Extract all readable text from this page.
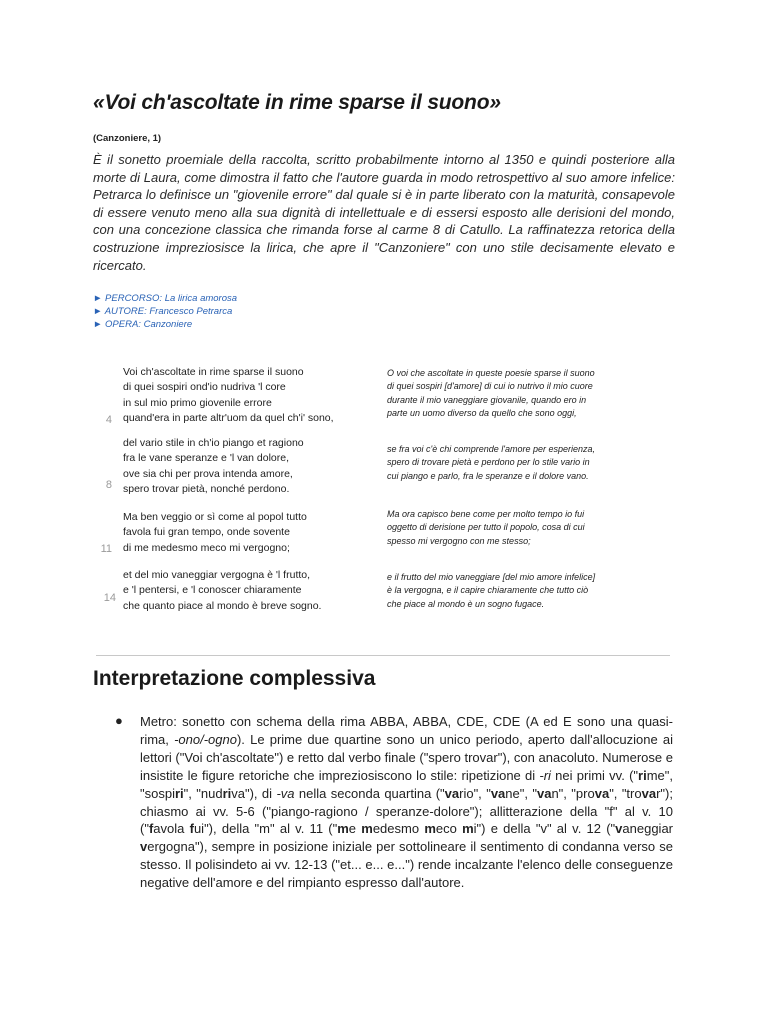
«Voi ch'ascoltate in rime sparse il suono»
(Canzoniere, 1)

È il sonetto proemiale della raccolta, scritto probabilmente intorno al 1350 e quindi posteriore alla morte di Laura, come dimostra il fatto che l'autore guarda in modo retrospettivo al suo amore infelice: Petrarca lo definisce un "giovenile errore" dal quale si è in parte liberato con la maturità, consapevole di essere venuto meno alla sua dignità di intellettuale e di essersi esposto alle derisioni del mondo, con una concezione classica che rimanda forse al carme 8 di Catullo. La raffinatezza retorica della costruzione impreziosisce la lirica, che apre il "Canzoniere" con uno stile decisamente elevato e ricercato.

► PERCORSO: La lirica amorosa
► AUTORE: Francesco Petrarca
► OPERA: Canzoniere
Voi ch'ascoltate in rime sparse il suono
di quei sospiri ond'io nudriva 'l core
in sul mio primo giovenile errore
quand'era in parte altr'uom da quel ch'i' sono,
4
O voi che ascoltate in queste poesie sparse il suono
di quei sospiri [d'amore] di cui io nutrivo il mio cuore
durante il mio vaneggiare giovanile, quando ero in
parte un uomo diverso da quello che sono oggi,
del vario stile in ch'io piango et ragiono
fra le vane speranze e 'l van dolore,
ove sia chi per prova intenda amore,
spero trovar pietà, nonché perdono.
8
se fra voi c'è chi comprende l'amore per esperienza,
spero di trovare pietà e perdono per lo stile vario in
cui piango e parlo, fra le speranze e il dolore vano.
Ma ben veggio or sì come al popol tutto
favola fui gran tempo, onde sovente
di me medesmo meco mi vergogno;
11
Ma ora capisco bene come per molto tempo io fui
oggetto di derisione per tutto il popolo, cosa di cui
spesso mi vergogno con me stesso;
et del mio vaneggiar vergogna è 'l frutto,
e 'l pentersi, e 'l conoscer chiaramente
che quanto piace al mondo è breve sogno.
14
e il frutto del mio vaneggiare [del mio amore infelice]
è la vergogna, e il capire chiaramente che tutto ciò
che piace al mondo è un sogno fugace.
Interpretazione complessiva
● Metro: sonetto con schema della rima ABBA, ABBA, CDE, CDE (A ed E sono una quasi-rima, -ono/-ogno). Le prime due quartine sono un unico periodo, aperto dall'allocuzione ai lettori ("Voi ch'ascoltate") e retto dal verbo finale ("spero trovar"), con anacoluto. Numerose e insistite le figure retoriche che impreziosiscono lo stile: ripetizione di -ri nei primi vv. ("rime", "sospiri", "nudriva"), di -va nella seconda quartina ("vario", "vane", "van", "prova", "trovar"); chiasmo ai vv. 5-6 ("piango-ragiono / speranze-dolore"); allitterazione della "f" al v. 10 ("favola fui"), della "m" al v. 11 ("me medesmo meco mi") e della "v" al v. 12 ("vaneggiar vergogna"), sempre in posizione iniziale per sottolineare il sentimento di condanna verso se stesso. Il polisindeto ai vv. 12-13 ("et... e... e...") rende incalzante l'elenco delle conseguenze negative dell'amore e del rimpianto espresso dall'autore.
